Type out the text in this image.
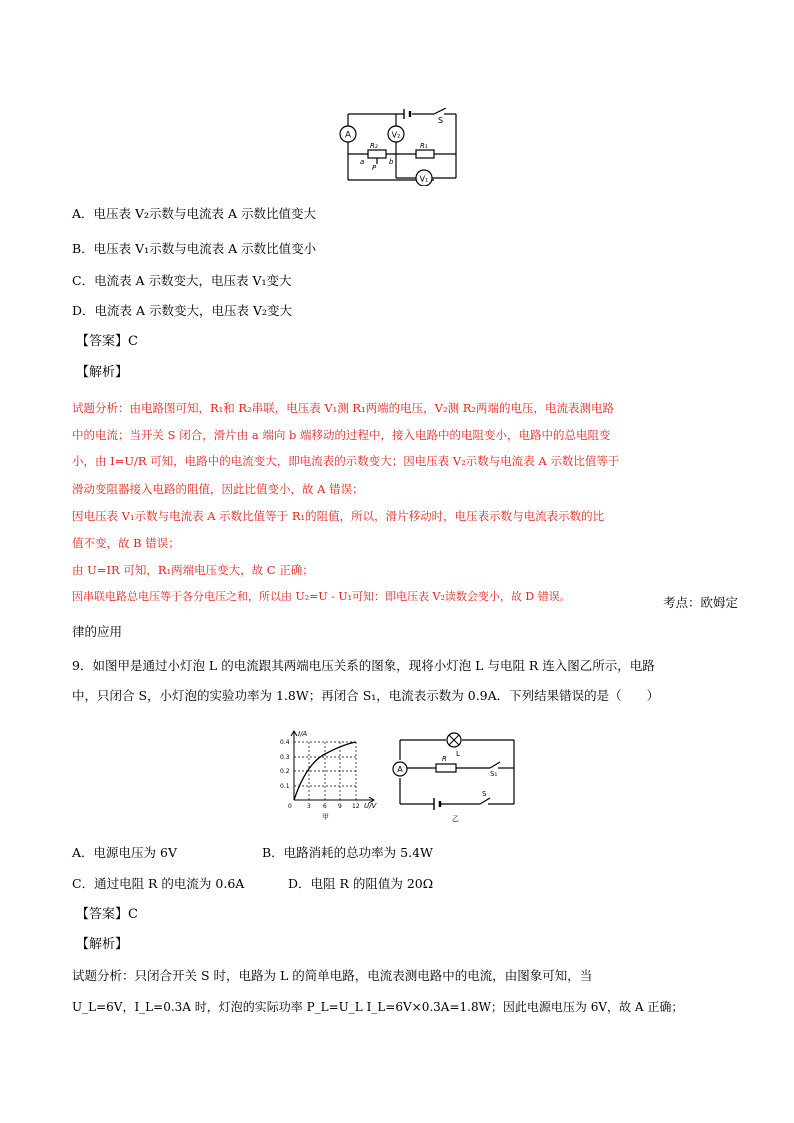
A	V₂
V₁
S
R₂	R₁
a	b
P
A．电压表 V₂示数与电流表 A 示数比值变大
B．电压表 V₁示数与电流表 A 示数比值变小
C．电流表 A 示数变大，电压表 V₁变大
D．电流表 A 示数变大，电压表 V₂变大
【答案】C
【解析】
试题分析：由电路图可知，R₁和 R₂串联，电压表 V₁测 R₁两端的电压，V₂测 R₂两端的电压，电流表测电路
中的电流；当开关 S 闭合，滑片由 a 端向 b 端移动的过程中，接入电路中的电阻变小，电路中的总电阻变
小，由 I=U/R 可知，电路中的电流变大，即电流表的示数变大；因电压表 V₂示数与电流表 A 示数比值等于
滑动变阻器接入电路的阻值，因此比值变小，故 A 错误；
因电压表 V₁示数与电流表 A 示数比值等于 R₁的阻值，所以，滑片移动时，电压表示数与电流表示数的比
值不变，故 B 错误；
由 U=IR 可知，R₁两端电压变大，故 C 正确；
因串联电路总电压等于各分电压之和，所以由 U₂=U - U₁可知：即电压表 V₂读数会变小，故 D 错误。	考点：欧姆定
律的应用
9．如图甲是通过小灯泡 L 的电流跟其两端电压关系的图象，现将小灯泡 L 与电阻 R 连入图乙所示，电路
中，只闭合 S，小灯泡的实验功率为 1.8W；再闭合 S₁，电流表示数为 0.9A．下列结果错误的是（　　）
I/A
0.4
0.3
0.2
0.1
0	3 6 9 12 U/V
甲
A
L
R
S₁
S
乙
A．电源电压为 6V	B．电路消耗的总功率为 5.4W
C．通过电阻 R 的电流为 0.6A	D．电阻 R 的阻值为 20Ω
【答案】C
【解析】
试题分析：只闭合开关 S 时，电路为 L 的简单电路，电流表测电路中的电流，由图象可知，当
U_L=6V，I_L=0.3A 时，灯泡的实际功率 P_L=U_L I_L=6V×0.3A=1.8W；因此电源电压为 6V，故 A 正确；
